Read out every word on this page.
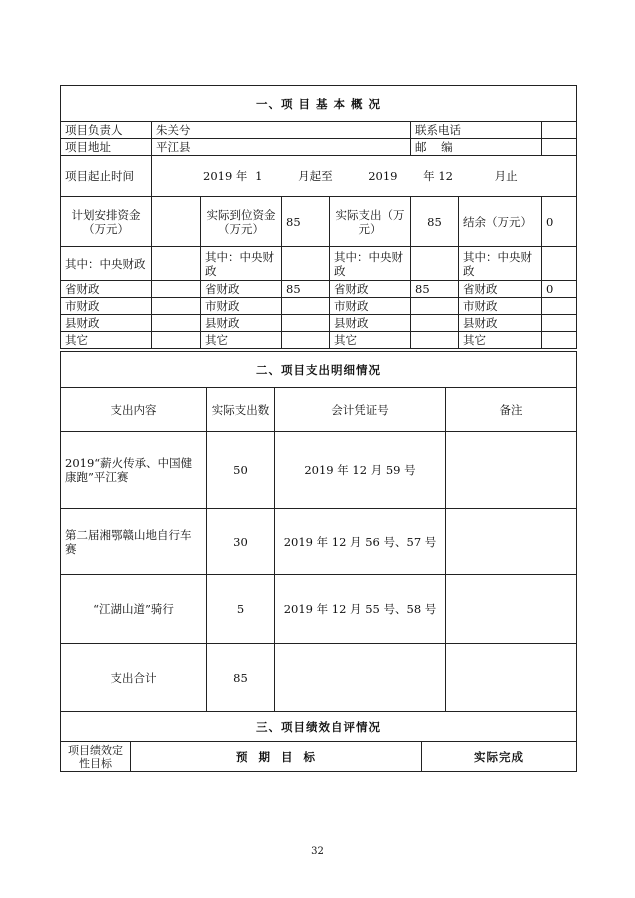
一、项 目 基 本 概 况							
项目负责人	朱关兮				联系电话		
项目地址	平江县				邮    编		
项目起止时间	2019 年 1 月起至 2019 年 12 月止						
计划安排资金（万元）		实际到位资金（万元）	85	实际支出（万元）	85	结余（万元）	0
其中：中央财政		其中：中央财政		其中：中央财政		其中：中央财政	
省财政		省财政	85	省财政	85	省财政	0
市财政		市财政		市财政		市财政	
县财政		县财政		县财政		县财政	
其它		其它		其它		其它	
二、项目支出明细情况			
支出内容	实际支出数	会计凭证号	备注
2019“薪火传承、中国健康跑”平江赛	50	2019 年 12 月 59 号	
第二届湘鄂赣山地自行车赛	30	2019 年 12 月 56 号、57 号	
“江湖山道”骑行	5	2019 年 12 月 55 号、58 号	
支出合计	85		
三、项目绩效自评情况
项目绩效定性目标	预  期  目  标	实际完成
32
